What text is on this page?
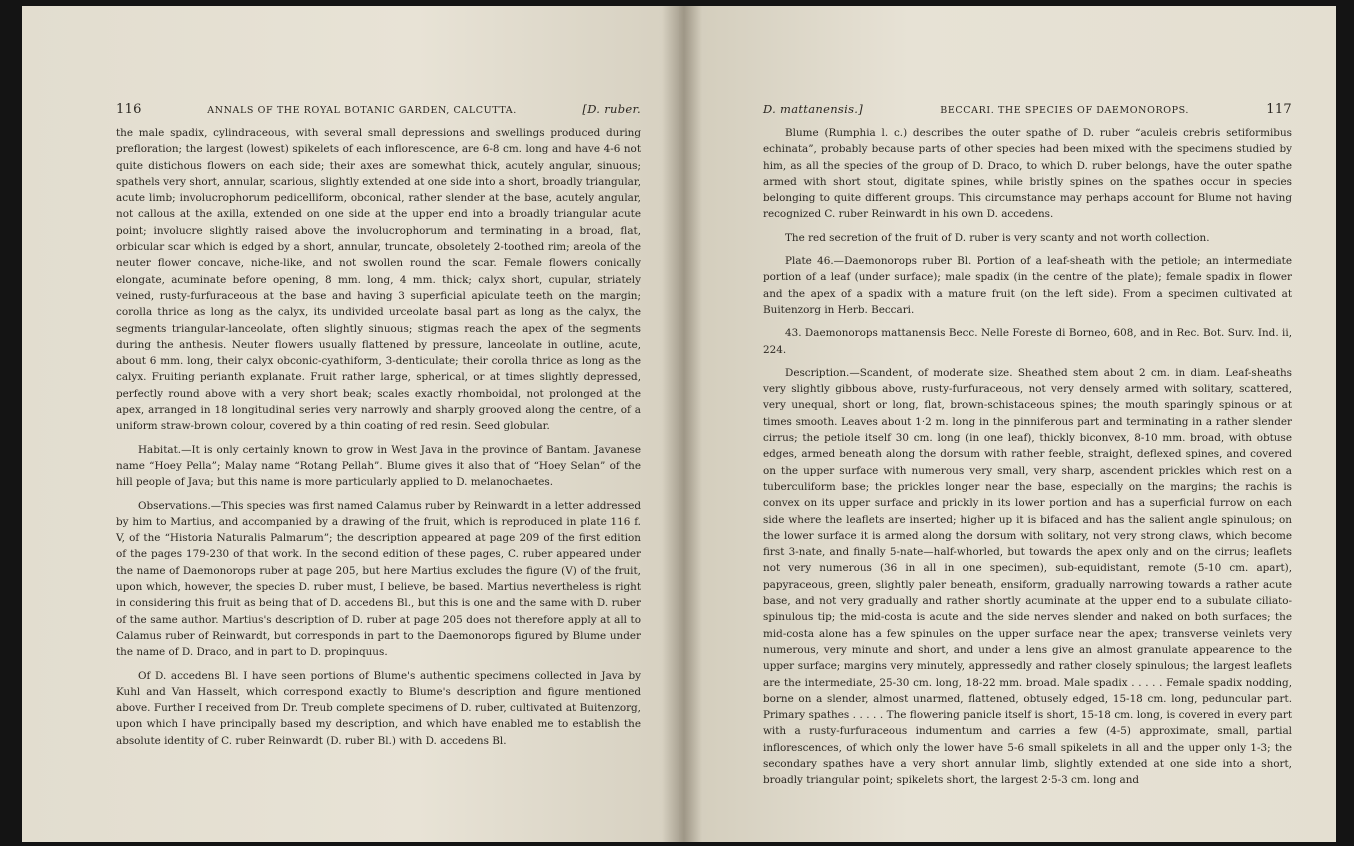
116	ANNALS OF THE ROYAL BOTANIC GARDEN, CALCUTTA.	[D. ruber.

the male spadix, cylindraceous, with several small depressions and swellings produced during preflorati​on; the largest (lowest) spikelets of each inflorescence, are 6-8 cm. long and have 4-6 not quite distichous flowers on each side; their axes are somewhat thick, acutely angular, sinuous; spathels very short, annular, scarious, slightly extended at one side into a short, broadly triangular, acute limb; involucrophorum pedicelliform, obconical, rather slender at the base, acutely angular, not callous at the axilla, extended on one side at the upper end into a broadly triangular acute point; involucre slightly raised above the involucrophorum and terminating in a broad, flat, orbicular scar which is edged by a short, annular, truncate, obsoletely 2-toothed rim; areola of the neuter flower concave, niche-like, and not swollen round the scar. Female flowers conically elongate, acuminate before opening, 8 mm. long, 4 mm. thick; calyx short, cupular, striately veined, rusty-furfuraceous at the base and having 3 superficial apiculate teeth on the margin; corolla thrice as long as the calyx, its undivided urceolate basal part as long as the calyx, the segments triangular-lanceolate, often slightly sinuous; stigmas reach the apex of the segments during the anthesis. Neuter flowers usually flattened by pressure, lanceolate in outline, acute, about 6 mm. long, their calyx obconic-cyathiform, 3-denticulate; their corolla thrice as long as the calyx. Fruiting perianth explanate. Fruit rather large, spherical, or at times slightly depressed, perfectly round above with a very short beak; scales exactly rhomboidal, not prolonged at the apex, arranged in 18 longitudinal series very narrowly and sharply grooved along the centre, of a uniform straw-brown colour, covered by a thin coating of red resin. Seed globular.

Habitat.—It is only certainly known to grow in West Java in the province of Bantam. Javanese name “Hoey Pella”; Malay name “Rotang Pellah”. Blume gives it also that of “Hoey Selan” of the hill people of Java; but this name is more particularly applied to D. melanochaetes.

Observations.—This species was first named Calamus ruber by Reinwardt in a letter addressed by him to Martius, and accompanied by a drawing of the fruit, which is reproduced in plate 116 f. V, of the “Historia Naturalis Palmarum”; the description appeared at page 209 of the first edition of the pages 179-230 of that work. In the second edition of these pages, C. ruber appeared under the name of Daemonorops ruber at page 205, but here Martius excludes the figure (V) of the fruit, upon which, however, the species D. ruber must, I believe, be based. Martius nevertheless is right in considering this fruit as being that of D. accedens Bl., but this is one and the same with D. ruber of the same author. Martius's description of D. ruber at page 205 does not therefore apply at all to Calamus ruber of Reinwardt, but corresponds in part to the Daemonorops figured by Blume under the name of D. Draco, and in part to D. propinquus.

Of D. accedens Bl. I have seen portions of Blume's authentic specimens collected in Java by Kuhl and Van Hasselt, which correspond exactly to Blume's description and figure mentioned above. Further I received from Dr. Treub complete specimens of D. ruber, cultivated at Buitenzorg, upon which I have principally based my description, and which have enabled me to establish the absolute identity of C. ruber Reinwardt (D. ruber Bl.) with D. accedens Bl.

D. mattanensis.]	BECCARI. THE SPECIES OF DAEMONOROPS.	117

Blume (Rumphia l. c.) describes the outer spathe of D. ruber “aculeis crebris setiformibus echinata”, probably because parts of other species had been mixed with the specimens studied by him, as all the species of the group of D. Draco, to which D. ruber belongs, have the outer spathe armed with short stout, digitate spines, while bristly spines on the spathes occur in species belonging to quite different groups. This circumstance may perhaps account for Blume not having recognized C. ruber Reinwardt in his own D. accedens.

The red secretion of the fruit of D. ruber is very scanty and not worth collection.

Plate 46.—Daemonorops ruber Bl. Portion of a leaf-sheath with the petiole; an intermediate portion of a leaf (under surface); male spadix (in the centre of the plate); female spadix in flower and the apex of a spadix with a mature fruit (on the left side). From a specimen cultivated at Buitenzorg in Herb. Beccari.

43. Daemonorops mattanensis Becc. Nelle Foreste di Borneo, 608, and in Rec. Bot. Surv. Ind. ii, 224.

Description.—Scandent, of moderate size. Sheathed stem about 2 cm. in diam. Leaf-sheaths very slightly gibbous above, rusty-furfuraceous, not very densely armed with solitary, scattered, very unequal, short or long, flat, brown-schistaceous spines; the mouth sparingly spinous or at times smooth. Leaves about 1·2 m. long in the pinniferous part and terminating in a rather slender cirrus; the petiole itself 30 cm. long (in one leaf), thickly biconvex, 8-10 mm. broad, with obtuse edges, armed beneath along the dorsum with rather feeble, straight, deflexed spines, and covered on the upper surface with numerous very small, very sharp, ascendent prickles which rest on a tuberculiform base; the prickles longer near the base, especially on the margins; the rachis is convex on its upper surface and prickly in its lower portion and has a superficial furrow on each side where the leaflets are inserted; higher up it is bifaced and has the salient angle spinulous; on the lower surface it is armed along the dorsum with solitary, not very strong claws, which become first 3-nate, and finally 5-nate—half-whorled, but towards the apex only and on the cirrus; leaflets not very numerous (36 in all in one specimen), sub-equidistant, remote (5-10 cm. apart), papyraceous, green, slightly paler beneath, ensiform, gradually narrowing towards a rather acute base, and not very gradually and rather shortly acuminate at the upper end to a subulate ciliato-spinulous tip; the mid-costa is acute and the side nerves slender and naked on both surfaces; the mid-costa alone has a few spinules on the upper surface near the apex; transverse veinlets very numerous, very minute and short, and under a lens give an almost granulate appearence to the upper surface; margins very minutely, appressedly and rather closely spinulous; the largest leaflets are the intermediate, 25-30 cm. long, 18-22 mm. broad. Male spadix . . . . . Female spadix nodding, borne on a slender, almost unarmed, flattened, obtusely edged, 15-18 cm. long, peduncular part. Primary spathes . . . . . The flowering panicle itself is short, 15-18 cm. long, is covered in every part with a rusty-furfuraceous indumentum and carries a few (4-5) approximate, small, partial inflorescences, of which only the lower have 5-6 small spikelets in all and the upper only 1-3; the secondary spathes have a very short annular limb, slightly extended at one side into a short, broadly triangular point; spikelets short, the largest 2·5-3 cm. long and
